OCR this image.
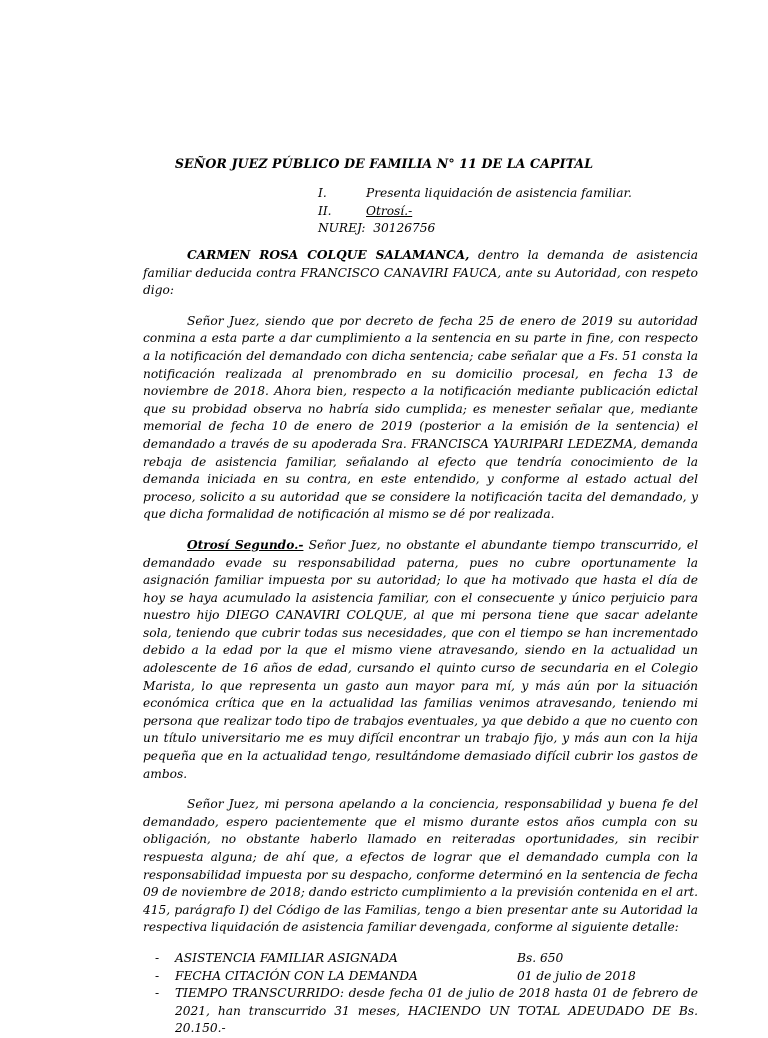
SEÑOR JUEZ PÚBLICO DE FAMILIA N° 11 DE LA CAPITAL
I.	Presenta liquidación de asistencia familiar.
II.	Otrosí.-
NUREJ:
30126756

CARMEN ROSA COLQUE SALAMANCA, dentro la demanda de asistencia familiar deducida contra FRANCISCO CANAVIRI FAUCA, ante su Autoridad, con respeto digo:

Señor Juez, siendo que por decreto de fecha 25 de enero de 2019 su autoridad conmina a esta parte a dar cumplimiento a la sentencia en su parte in fine, con respecto a la notificación del demandado con dicha sentencia; cabe señalar que a Fs. 51 consta la notificación realizada al prenombrado en su domicilio procesal, en fecha 13 de noviembre de 2018. Ahora bien, respecto a la notificación mediante publicación edictal que su probidad observa no habría sido cumplida; es menester señalar que, mediante memorial de fecha 10 de enero de 2019 (posterior a la emisión de la sentencia) el demandado a través de su apoderada Sra. FRANCISCA YAURIPARI LEDEZMA, demanda rebaja de asistencia familiar, señalando al efecto que tendría conocimiento de la demanda iniciada en su contra, en este entendido, y conforme al estado actual del proceso, solicito a su autoridad que se considere la notificación tacita del demandado, y que dicha formalidad de notificación al mismo se dé por realizada.

Otrosí Segundo.- Señor Juez, no obstante el abundante tiempo transcurrido, el demandado evade su responsabilidad paterna, pues no cubre oportunamente la asignación familiar impuesta por su autoridad; lo que ha motivado que hasta el día de hoy se haya acumulado la asistencia familiar, con el consecuente y único perjuicio para nuestro hijo DIEGO CANAVIRI COLQUE, al que mi persona tiene que sacar adelante sola, teniendo que cubrir todas sus necesidades, que con el tiempo se han incrementado debido a la edad por la que el mismo viene atravesando, siendo en la actualidad un adolescente de 16 años de edad, cursando el quinto curso de secundaria en el Colegio Marista, lo que representa un gasto aun mayor para mí, y más aún por la situación económica crítica que en la actualidad las familias venimos atravesando, teniendo mi persona que realizar todo tipo de trabajos eventuales, ya que debido a que no cuento con un título universitario me es muy difícil encontrar un trabajo fijo, y más aun con la hija pequeña que en la actualidad tengo, resultándome demasiado difícil cubrir los gastos de ambos.

Señor Juez, mi persona apelando a la conciencia, responsabilidad y buena fe del demandado, espero pacientemente que el mismo durante estos años cumpla con su obligación, no obstante haberlo llamado en reiteradas oportunidades, sin recibir respuesta alguna; de ahí que, a efectos de lograr que el demandado cumpla con la responsabilidad impuesta por su despacho, conforme determinó en la sentencia de fecha 09 de noviembre de 2018; dando estricto cumplimiento a la previsión contenida en el art. 415, parágrafo I) del Código de las Familias, tengo a bien presentar ante su Autoridad la respectiva liquidación de asistencia familiar devengada, conforme al siguiente detalle:

- ASISTENCIA FAMILIAR ASIGNADA	Bs. 650
- FECHA CITACIÓN CON LA DEMANDA	01 de julio de 2018
- TIEMPO TRANSCURRIDO: desde fecha 01 de julio de 2018 hasta 01 de febrero de 2021, han transcurrido 31 meses, HACIENDO UN TOTAL ADEUDADO DE Bs. 20.150.-
